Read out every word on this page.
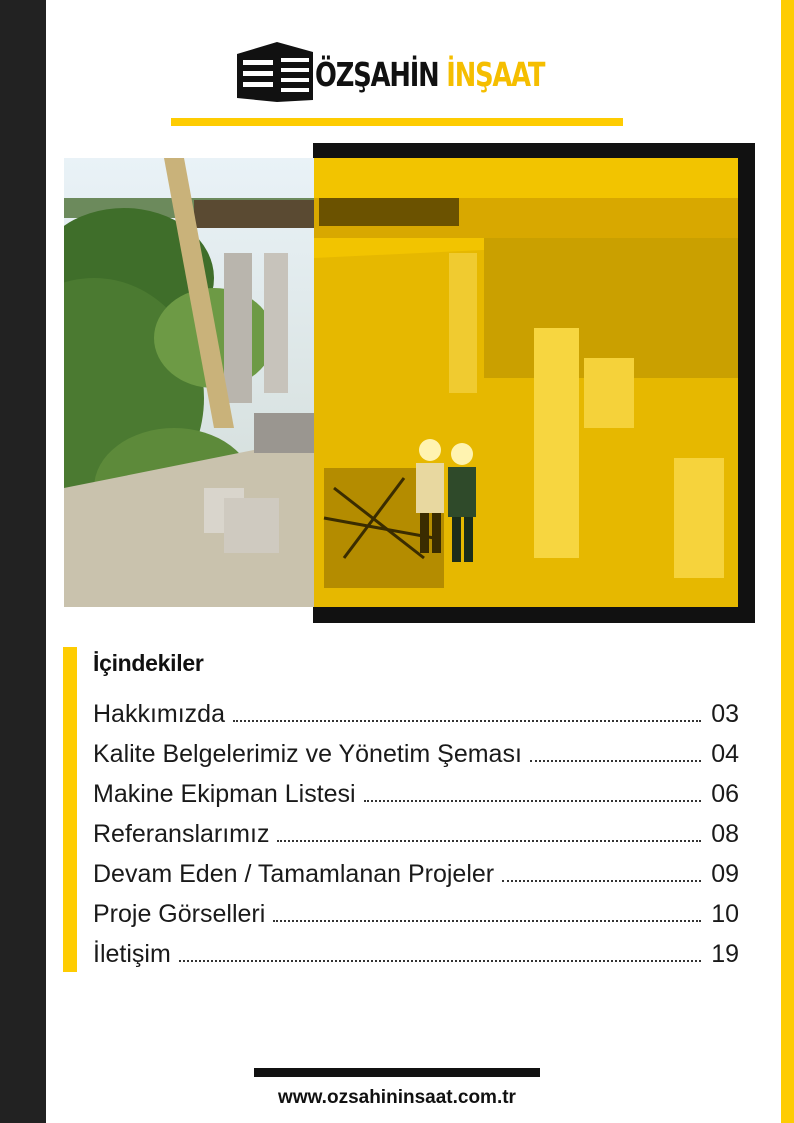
ÖZŞAHİN İNŞAAT
İçindekiler
Hakkımızda	03
Kalite Belgelerimiz ve Yönetim Şeması	04
Makine Ekipman Listesi	06
Referanslarımız	08
Devam Eden / Tamamlanan Projeler	09
Proje Görselleri	10
İletişim	19
www.ozsahininsaat.com.tr
